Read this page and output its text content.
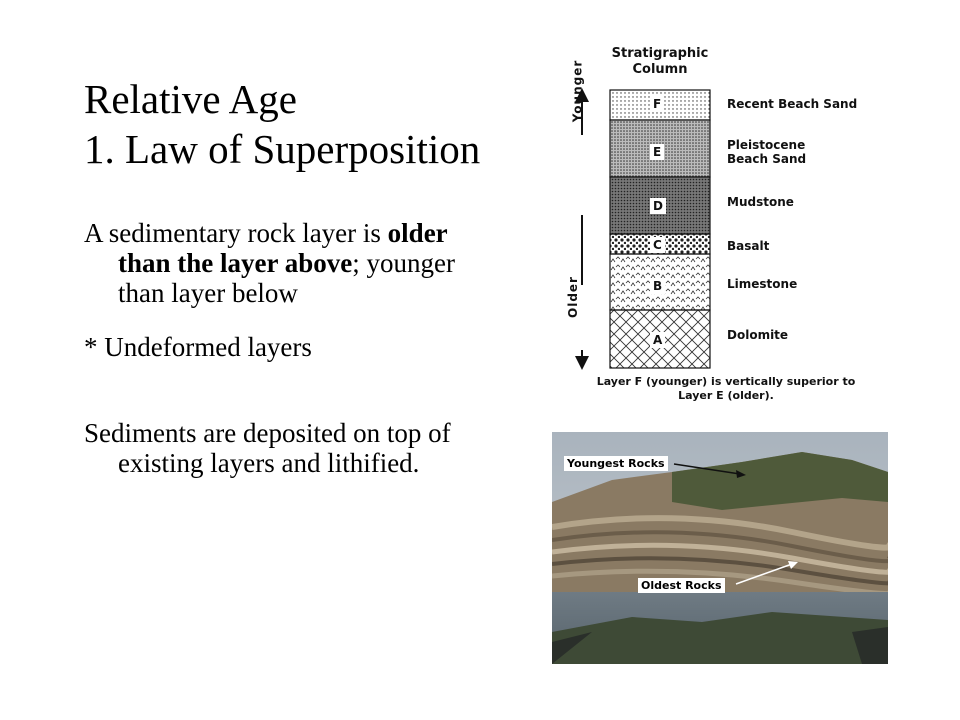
Relative Age
1. Law of Superposition

A sedimentary rock layer is older than the layer above; younger than layer below

* Undeformed layers

Sediments are deposited on top of existing layers and lithified.

Stratigraphic
Column
Younger
Older
F
E
D
C
B
A
Recent Beach Sand
Pleistocene
Beach Sand
Mudstone
Basalt
Limestone
Dolomite
Layer F (younger) is vertically superior to
Layer E (older).
Youngest Rocks
Oldest Rocks
